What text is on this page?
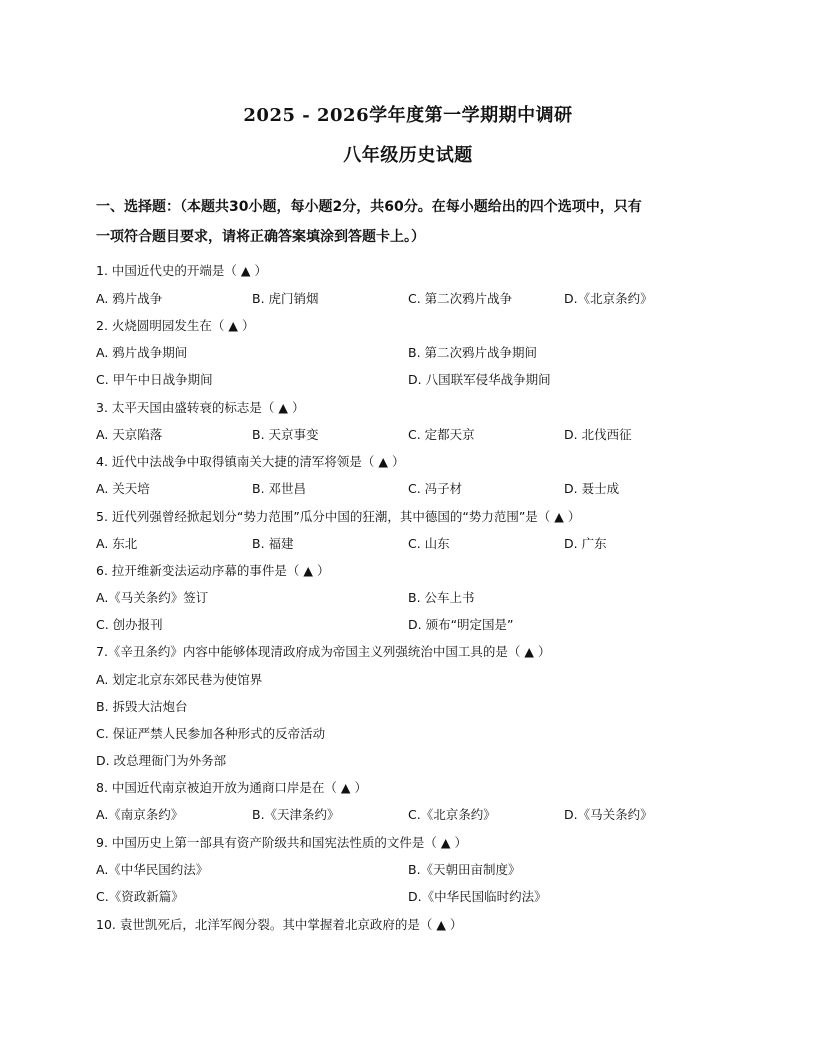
2025 - 2026学年度第一学期期中调研
八年级历史试题
一、选择题：（本题共30小题，每小题2分，共60分。在每小题给出的四个选项中，只有
一项符合题目要求，请将正确答案填涂到答题卡上。）
1. 中国近代史的开端是（ ▲ ）
A. 鸦片战争	B. 虎门销烟	C. 第二次鸦片战争	D.《北京条约》
2. 火烧圆明园发生在（ ▲ ）
A. 鸦片战争期间	B. 第二次鸦片战争期间
C. 甲午中日战争期间	D. 八国联军侵华战争期间
3. 太平天国由盛转衰的标志是（ ▲ ）
A. 天京陷落	B. 天京事变	C. 定都天京	D. 北伐西征
4. 近代中法战争中取得镇南关大捷的清军将领是（ ▲ ）
A. 关天培	B. 邓世昌	C. 冯子材	D. 聂士成
5. 近代列强曾经掀起划分“势力范围”瓜分中国的狂潮，其中德国的“势力范围”是（ ▲ ）
A. 东北	B. 福建	C. 山东	D. 广东
6. 拉开维新变法运动序幕的事件是（ ▲ ）
A.《马关条约》签订	B. 公车上书
C. 创办报刊	D. 颁布“明定国是”
7.《辛丑条约》内容中能够体现清政府成为帝国主义列强统治中国工具的是（ ▲ ）
A. 划定北京东郊民巷为使馆界
B. 拆毁大沽炮台
C. 保证严禁人民参加各种形式的反帝活动
D. 改总理衙门为外务部
8. 中国近代南京被迫开放为通商口岸是在（ ▲ ）
A.《南京条约》	B.《天津条约》	C.《北京条约》	D.《马关条约》
9. 中国历史上第一部具有资产阶级共和国宪法性质的文件是（ ▲ ）
A.《中华民国约法》	B.《天朝田亩制度》
C.《资政新篇》	D.《中华民国临时约法》
10. 袁世凯死后，北洋军阀分裂。其中掌握着北京政府的是（ ▲ ）
